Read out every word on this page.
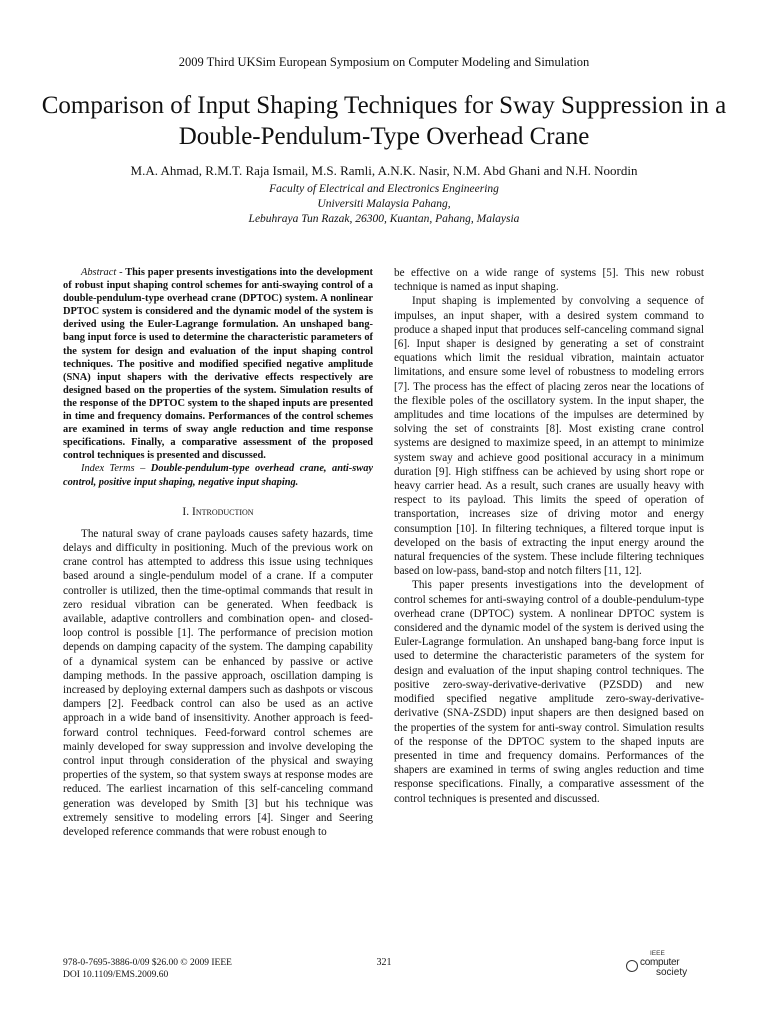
2009 Third UKSim European Symposium on Computer Modeling and Simulation
Comparison of Input Shaping Techniques for Sway Suppression in a Double-Pendulum-Type Overhead Crane
M.A. Ahmad, R.M.T. Raja Ismail, M.S. Ramli, A.N.K. Nasir, N.M. Abd Ghani and N.H. Noordin
Faculty of Electrical and Electronics Engineering
Universiti Malaysia Pahang,
Lebuhraya Tun Razak, 26300, Kuantan, Pahang, Malaysia

Abstract - This paper presents investigations into the development of robust input shaping control schemes for anti-swaying control of a double-pendulum-type overhead crane (DPTOC) system. A nonlinear DPTOC system is considered and the dynamic model of the system is derived using the Euler-Lagrange formulation. An unshaped bang-bang input force is used to determine the characteristic parameters of the system for design and evaluation of the input shaping control techniques. The positive and modified specified negative amplitude (SNA) input shapers with the derivative effects respectively are designed based on the properties of the system. Simulation results of the response of the DPTOC system to the shaped inputs are presented in time and frequency domains. Performances of the control schemes are examined in terms of sway angle reduction and time response specifications. Finally, a comparative assessment of the proposed control techniques is presented and discussed.

Index Terms – Double-pendulum-type overhead crane, anti-sway control, positive input shaping, negative input shaping.

I. Introduction

The natural sway of crane payloads causes safety hazards, time delays and difficulty in positioning. Much of the previous work on crane control has attempted to address this issue using techniques based around a single-pendulum model of a crane. If a computer controller is utilized, then the time-optimal commands that result in zero residual vibration can be generated. When feedback is available, adaptive controllers and combination open- and closed-loop control is possible [1]. The performance of precision motion depends on damping capacity of the system. The damping capability of a dynamical system can be enhanced by passive or active damping methods. In the passive approach, oscillation damping is increased by deploying external dampers such as dashpots or viscous dampers [2]. Feedback control can also be used as an active approach in a wide band of insensitivity. Another approach is feed-forward control techniques. Feed-forward control schemes are mainly developed for sway suppression and involve developing the control input through consideration of the physical and swaying properties of the system, so that system sways at response modes are reduced. The earliest incarnation of this self-canceling command generation was developed by Smith [3] but his technique was extremely sensitive to modeling errors [4]. Singer and Seering developed reference commands that were robust enough to

be effective on a wide range of systems [5]. This new robust technique is named as input shaping.

Input shaping is implemented by convolving a sequence of impulses, an input shaper, with a desired system command to produce a shaped input that produces self-canceling command signal [6]. Input shaper is designed by generating a set of constraint equations which limit the residual vibration, maintain actuator limitations, and ensure some level of robustness to modeling errors [7]. The process has the effect of placing zeros near the locations of the flexible poles of the oscillatory system. In the input shaper, the amplitudes and time locations of the impulses are determined by solving the set of constraints [8]. Most existing crane control systems are designed to maximize speed, in an attempt to minimize system sway and achieve good positional accuracy in a minimum duration [9]. High stiffness can be achieved by using short rope or heavy carrier head. As a result, such cranes are usually heavy with respect to its payload. This limits the speed of operation of transportation, increases size of driving motor and energy consumption [10]. In filtering techniques, a filtered torque input is developed on the basis of extracting the input energy around the natural frequencies of the system. These include filtering techniques based on low-pass, band-stop and notch filters [11, 12].

This paper presents investigations into the development of control schemes for anti-swaying control of a double-pendulum-type overhead crane (DPTOC) system. A nonlinear DPTOC system is considered and the dynamic model of the system is derived using the Euler-Lagrange formulation. An unshaped bang-bang force input is used to determine the characteristic parameters of the system for design and evaluation of the input shaping control techniques. The positive zero-sway-derivative-derivative (PZSDD) and new modified specified negative amplitude zero-sway-derivative-derivative (SNA-ZSDD) input shapers are then designed based on the properties of the system for anti-sway control. Simulation results of the response of the DPTOC system to the shaped inputs are presented in time and frequency domains. Performances of the shapers are examined in terms of swing angles reduction and time response specifications. Finally, a comparative assessment of the control techniques is presented and discussed.

978-0-7695-3886-0/09 $26.00 © 2009 IEEE
DOI 10.1109/EMS.2009.60
321
IEEE
computer
society
